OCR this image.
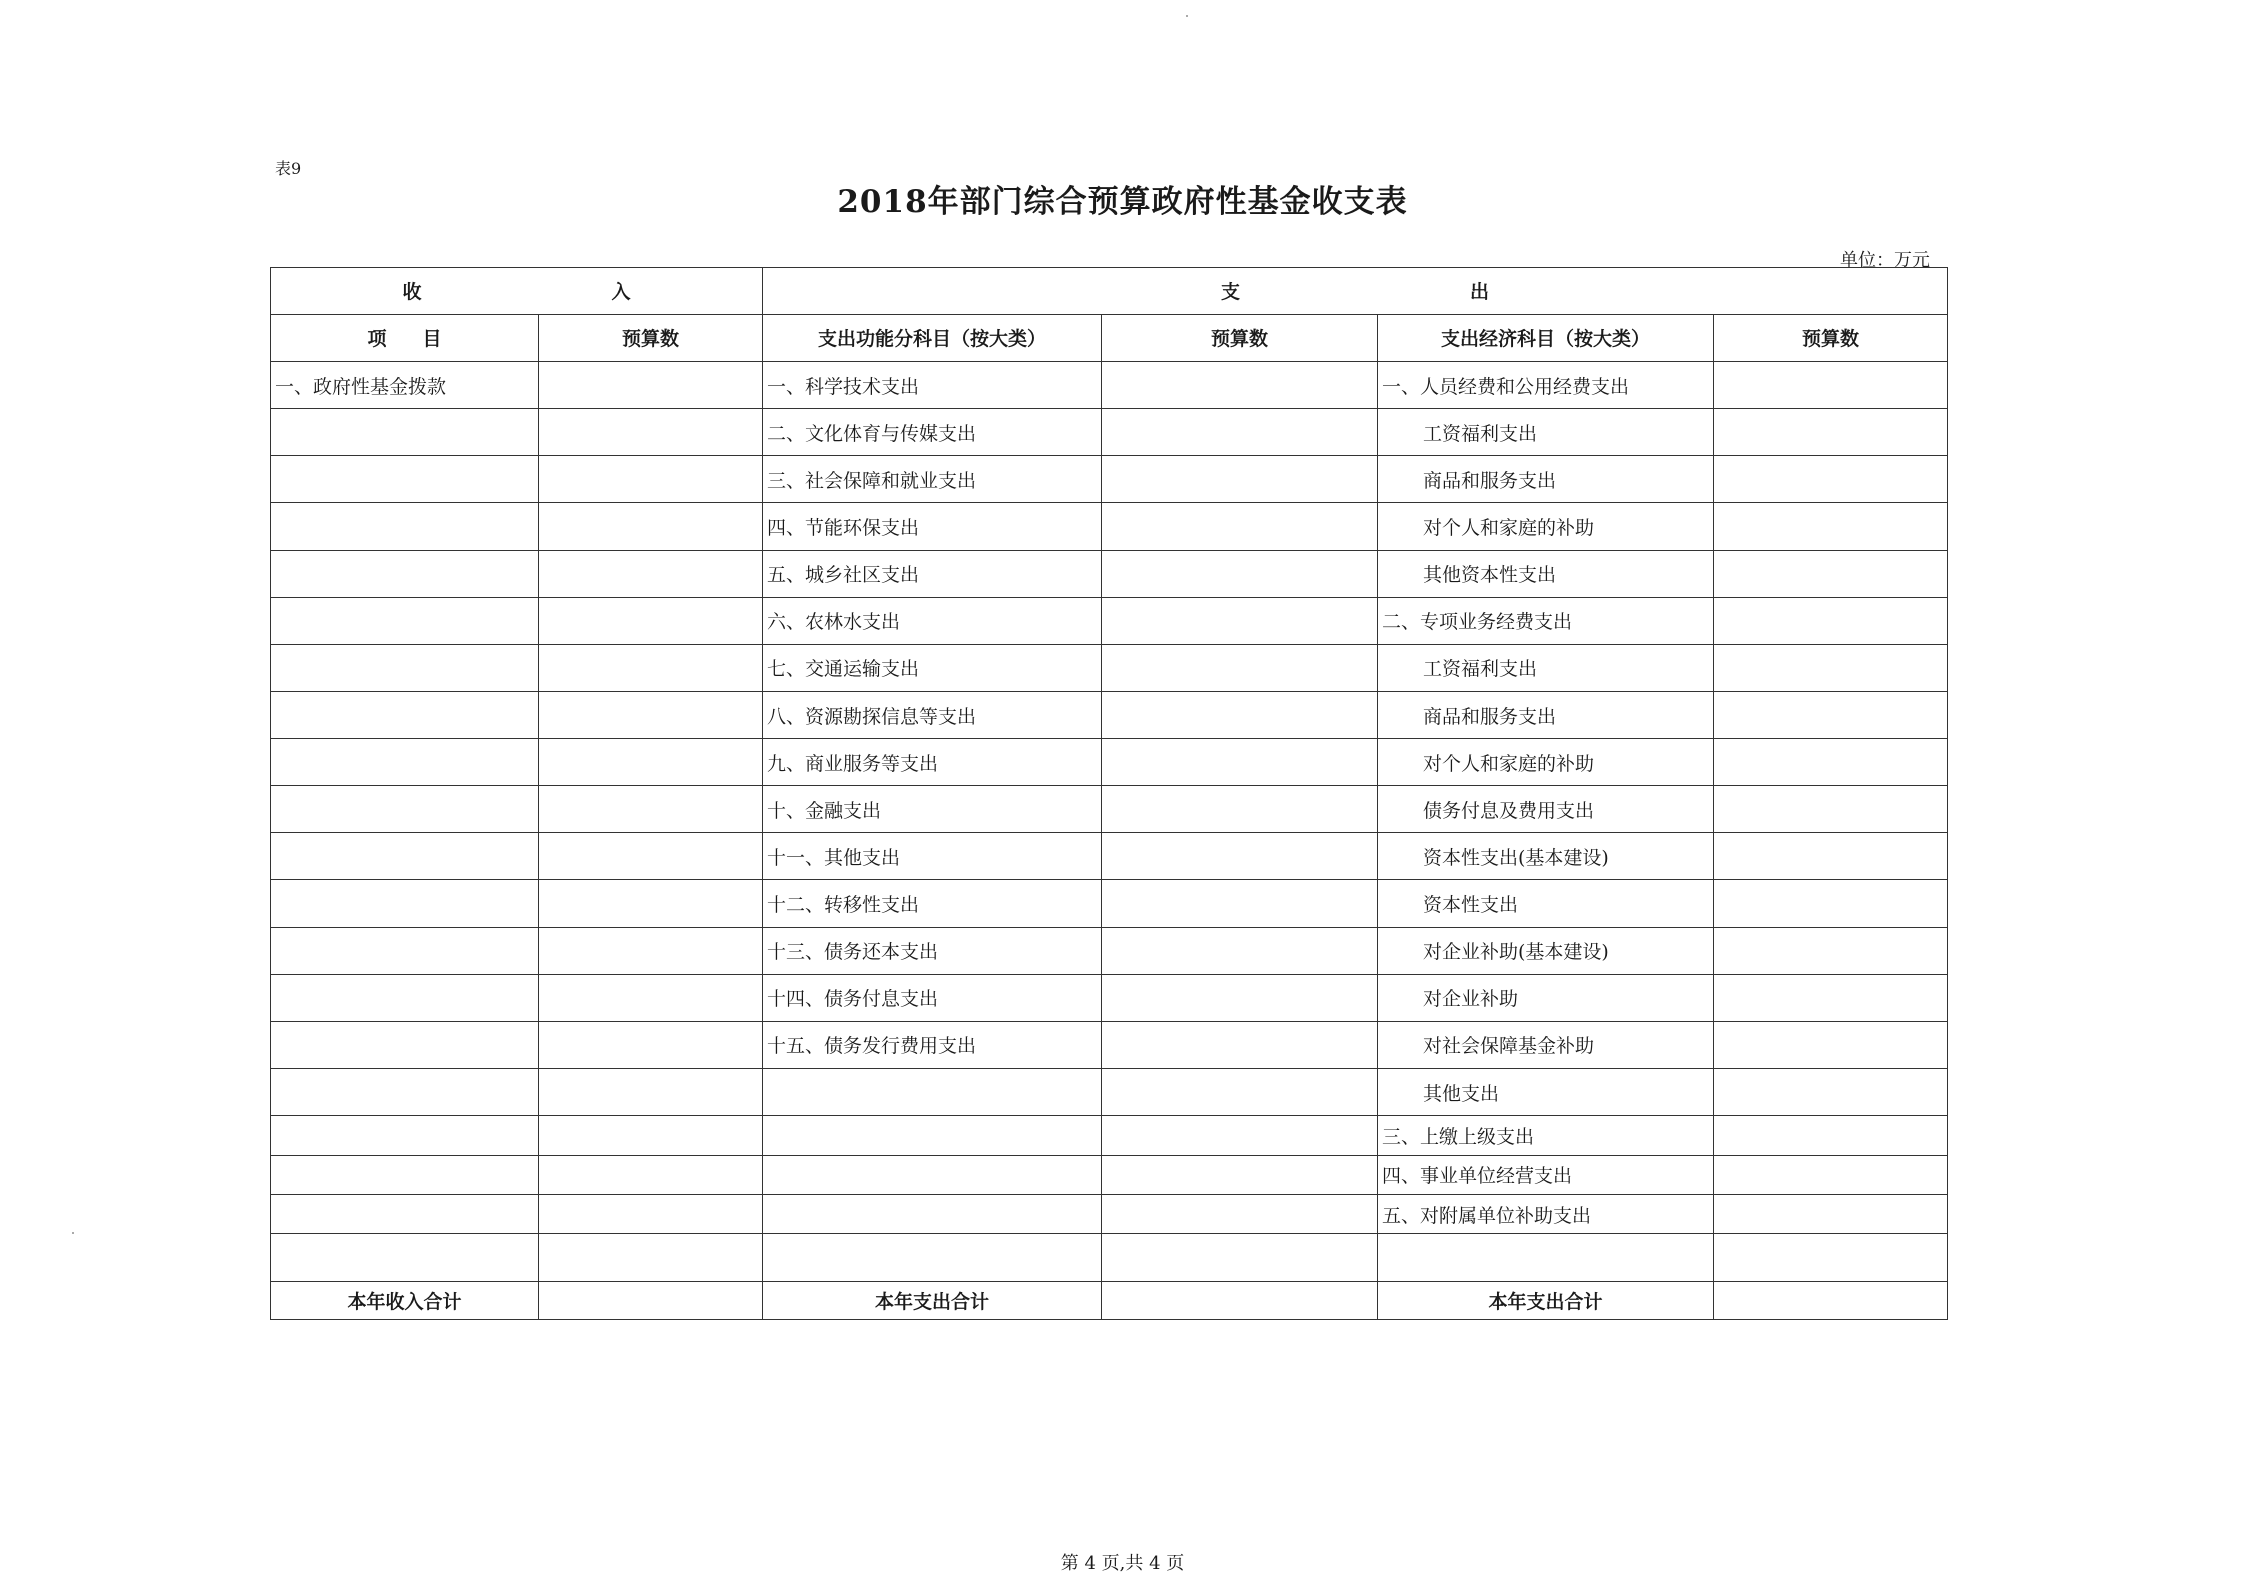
表9
2018年部门综合预算政府性基金收支表
单位：万元
收 入		支 出			
项 目	预算数	支出功能分科目（按大类）	预算数	支出经济科目（按大类）	预算数
一、政府性基金拨款		一、科学技术支出		一、人员经费和公用经费支出	
		二、文化体育与传媒支出		工资福利支出	
		三、社会保障和就业支出		商品和服务支出	
		四、节能环保支出		对个人和家庭的补助	
		五、城乡社区支出		其他资本性支出	
		六、农林水支出		二、专项业务经费支出	
		七、交通运输支出		工资福利支出	
		八、资源勘探信息等支出		商品和服务支出	
		九、商业服务等支出		对个人和家庭的补助	
		十、金融支出		债务付息及费用支出	
		十一、其他支出		资本性支出(基本建设)	
		十二、转移性支出		资本性支出	
		十三、债务还本支出		对企业补助(基本建设)	
		十四、债务付息支出		对企业补助	
		十五、债务发行费用支出		对社会保障基金补助	
				其他支出	
				三、上缴上级支出	
				四、事业单位经营支出	
				五、对附属单位补助支出	

本年收入合计		本年支出合计		本年支出合计	
第 4 页,共 4 页
